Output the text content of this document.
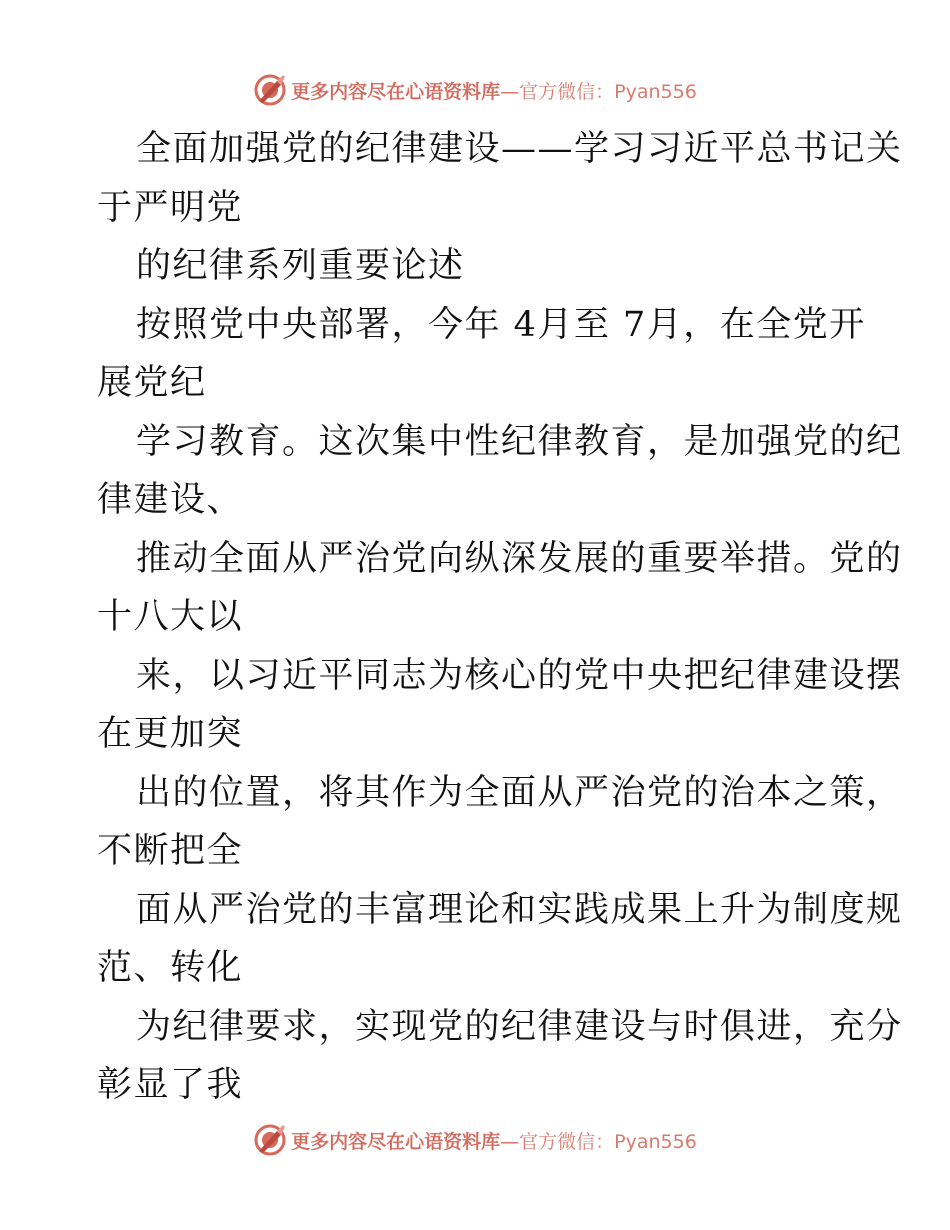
更多内容尽在心语资料库—官方微信：Pyan556
全面加强党的纪律建设——学习习近平总书记关
于严明党
的纪律系列重要论述
按照党中央部署，今年 4月至 7月，在全党开
展党纪
学习教育。这次集中性纪律教育，是加强党的纪
律建设、
推动全面从严治党向纵深发展的重要举措。党的
十八大以
来，以习近平同志为核心的党中央把纪律建设摆
在更加突
出的位置，将其作为全面从严治党的治本之策，
不断把全
面从严治党的丰富理论和实践成果上升为制度规
范、转化
为纪律要求，实现党的纪律建设与时俱进，充分
彰显了我
更多内容尽在心语资料库—官方微信：Pyan556
